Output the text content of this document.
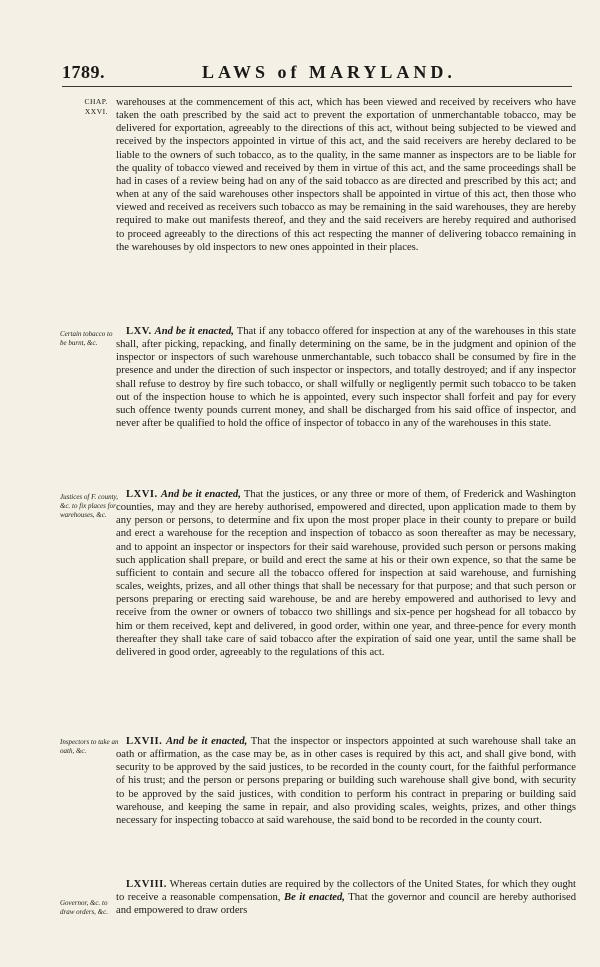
1789.	LAWS of MARYLAND.
CHAP.
XXVI.

warehouses at the commencement of this act, which has been viewed and received by receivers who have taken the oath prescribed by the said act to prevent the exportation of unmerchantable tobacco, may be delivered for exportation, agreeably to the directions of this act, without being subjected to be viewed and received by the inspectors appointed in virtue of this act, and the said receivers are hereby declared to be liable to the owners of such tobacco, as to the quality, in the same manner as inspectors are to be liable for the quality of tobacco viewed and received by them in virtue of this act, and the same proceedings shall be had in cases of a review being had on any of the said tobacco as are directed and prescribed by this act; and when at any of the said warehouses other inspectors shall be appointed in virtue of this act, then those who viewed and received as receivers such tobacco as may be remaining in the said warehouses, they are hereby required to make out manifests thereof, and they and the said receivers are hereby required and authorised to proceed agreeably to the directions of this act respecting the manner of delivering tobacco remaining in the warehouses by old inspectors to new ones appointed in their places.

Certain tobacco to be burnt, &c.

LXV. And be it enacted, That if any tobacco offered for inspection at any of the warehouses in this state shall, after picking, repacking, and finally determining on the same, be in the judgment and opinion of the inspector or inspectors of such warehouse unmerchantable, such tobacco shall be consumed by fire in the presence and under the direction of such inspector or inspectors, and totally destroyed; and if any inspector shall refuse to destroy by fire such tobacco, or shall wilfully or negligently permit such tobacco to be taken out of the inspection house to which he is appointed, every such inspector shall forfeit and pay for every such offence twenty pounds current money, and shall be discharged from his said office of inspector, and never after be qualified to hold the office of inspector of tobacco in any of the warehouses in this state.

Justices of F. county, &c. to fix places for warehouses, &c.

LXVI. And be it enacted, That the justices, or any three or more of them, of Frederick and Washington counties, may and they are hereby authorised, empowered and directed, upon application made to them by any person or persons, to determine and fix upon the most proper place in their county to prepare or build and erect a warehouse for the reception and inspection of tobacco as soon thereafter as may be necessary, and to appoint an inspector or inspectors for their said warehouse, provided such person or persons making such application shall prepare, or build and erect the same at his or their own expence, so that the same be sufficient to contain and secure all the tobacco offered for inspection at said warehouse, and furnishing scales, weights, prizes, and all other things that shall be necessary for that purpose; and that such person or persons preparing or erecting said warehouse, be and are hereby empowered and authorised to levy and receive from the owner or owners of tobacco two shillings and six-pence per hogshead for all tobacco by him or them received, kept and delivered, in good order, within one year, and three-pence for every month thereafter they shall take care of said tobacco after the expiration of said one year, until the same shall be delivered in good order, agreeably to the regulations of this act.

Inspectors to take an oath, &c.

LXVII. And be it enacted, That the inspector or inspectors appointed at such warehouse shall take an oath or affirmation, as the case may be, as in other cases is required by this act, and shall give bond, with security to be approved by the said justices, to be recorded in the county court, for the faithful performance of his trust; and the person or persons preparing or building such warehouse shall give bond, with security to be approved by the said justices, with condition to perform his contract in preparing or building said warehouse, and keeping the same in repair, and also providing scales, weights, prizes, and other things necessary for inspecting tobacco at said warehouse, the said bond to be recorded in the county court.

Governor, &c. to draw orders, &c.

LXVIII. Whereas certain duties are required by the collectors of the United States, for which they ought to receive a reasonable compensation, Be it enacted, That the governor and council are hereby authorised and empowered to draw orders
